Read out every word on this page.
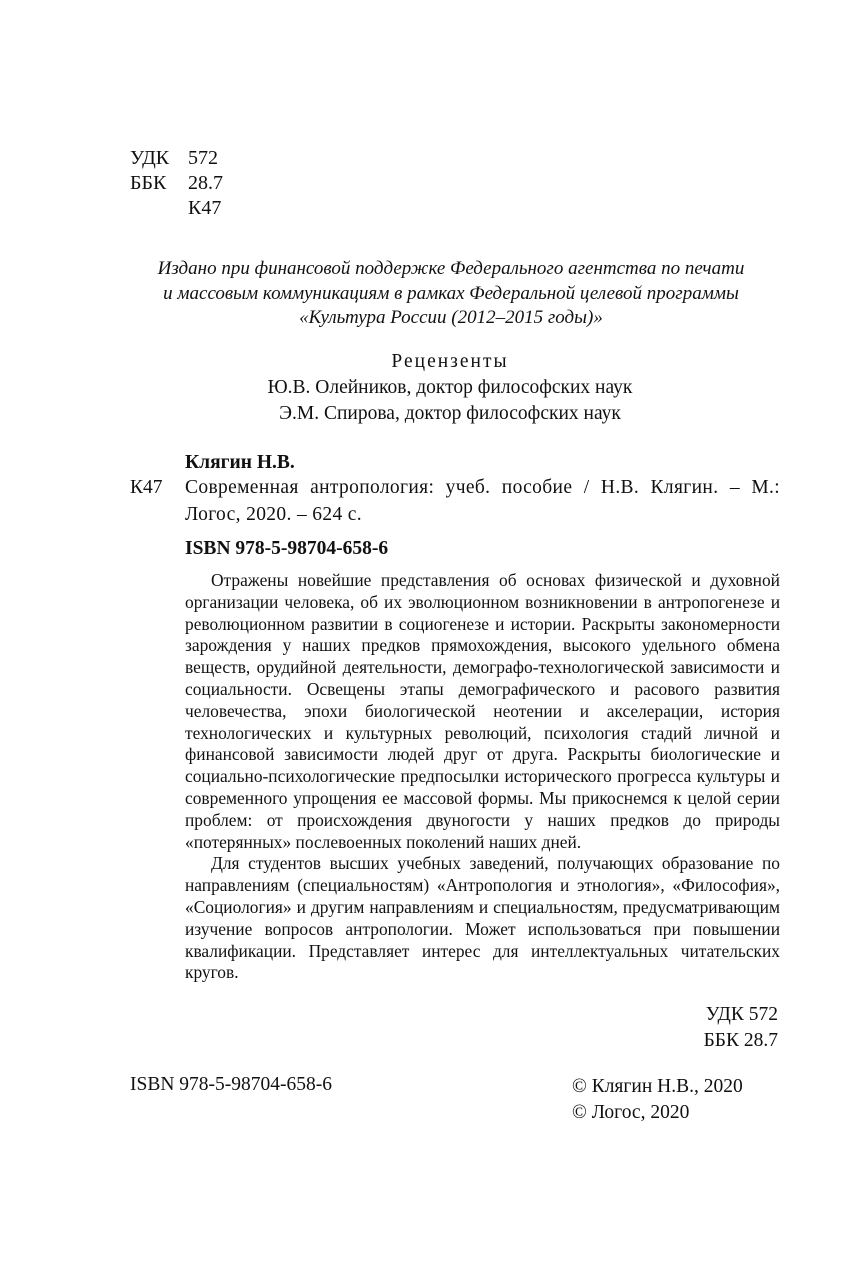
УДК 572
ББК	28.7
К47
Издано при финансовой поддержке Федерального агентства по печати
и массовым коммуникациям в рамках Федеральной целевой программы
«Культура России (2012–2015 годы)»
Рецензенты
Ю.В. Олейников, доктор философских наук
Э.М. Спирова, доктор философских наук
Клягин Н.В.
К47 Современная антропология: учеб. пособие / Н.В. Клягин. – М.: Логос, 2020. – 624 с.
ISBN 978-5-98704-658-6

Отражены новейшие представления об основах физической и духовной организации человека, об их эволюционном возникновении в антропогенезе и революционном развитии в социогенезе и истории. Раскрыты закономерности зарождения у наших предков прямохождения, высокого удельного обмена веществ, орудийной деятельности, демографо-технологической зависимости и социальности. Освещены этапы демографического и расового развития человечества, эпохи биологической неотении и акселерации, история технологических и культурных революций, психология стадий личной и финансовой зависимости людей друг от друга. Раскрыты биологические и социально-психологические предпосылки исторического прогресса культуры и современного упрощения ее массовой формы. Мы прикоснемся к целой серии проблем: от происхождения двуногости у наших предков до природы «потерянных» послевоенных поколений наших дней.

Для студентов высших учебных заведений, получающих образование по направлениям (специальностям) «Антропология и этнология», «Философия», «Социология» и другим направлениям и специальностям, предусматривающим изучение вопросов антропологии. Может использоваться при повышении квалификации. Представляет интерес для интеллектуальных читательских кругов.

УДК 572
ББК 28.7
ISBN 978-5-98704-658-6	© Клягин Н.В., 2020
© Логос, 2020
